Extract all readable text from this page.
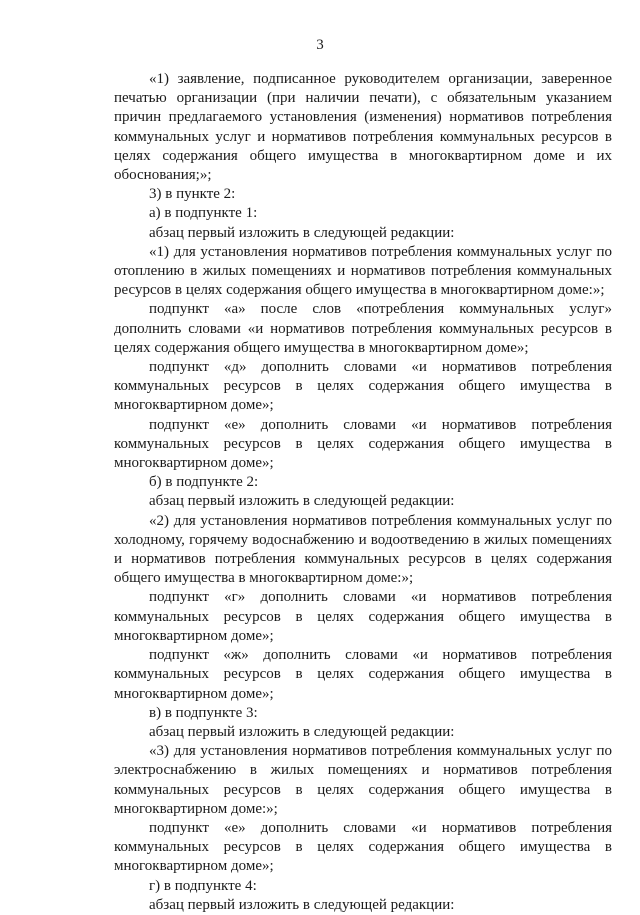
3

«1) заявление, подписанное руководителем организации, заверенное печатью организации (при наличии печати), с обязательным указанием причин предлагаемого установления (изменения) нормативов потребления коммунальных услуг и нормативов потребления коммунальных ресурсов в целях содержания общего имущества в многоквартирном доме и их обоснования;»;

3) в пункте 2:

а) в подпункте 1:

абзац первый изложить в следующей редакции:

«1) для установления нормативов потребления коммунальных услуг по отоплению в жилых помещениях и нормативов потребления коммунальных ресурсов в целях содержания общего имущества в многоквартирном доме:»;

подпункт «а» после слов «потребления коммунальных услуг» дополнить словами «и нормативов потребления коммунальных ресурсов в целях содержания общего имущества в многоквартирном доме»;

подпункт «д» дополнить словами «и нормативов потребления коммунальных ресурсов в целях содержания общего имущества в многоквартирном доме»;

подпункт «е» дополнить словами «и нормативов потребления коммунальных ресурсов в целях содержания общего имущества в многоквартирном доме»;

б) в подпункте 2:

абзац первый изложить в следующей редакции:

«2) для установления нормативов потребления коммунальных услуг по холодному, горячему водоснабжению и водоотведению в жилых помещениях и нормативов потребления коммунальных ресурсов в целях содержания общего имущества в многоквартирном доме:»;

подпункт «г» дополнить словами «и нормативов потребления коммунальных ресурсов в целях содержания общего имущества в многоквартирном доме»;

подпункт «ж» дополнить словами «и нормативов потребления коммунальных ресурсов в целях содержания общего имущества в многоквартирном доме»;

в) в подпункте 3:

абзац первый изложить в следующей редакции:

«3) для установления нормативов потребления коммунальных услуг по электроснабжению в жилых помещениях и нормативов потребления коммунальных ресурсов в целях содержания общего имущества в многоквартирном доме:»;

подпункт «е» дополнить словами «и нормативов потребления коммунальных ресурсов в целях содержания общего имущества в многоквартирном доме»;

г) в подпункте 4:

абзац первый изложить в следующей редакции:
